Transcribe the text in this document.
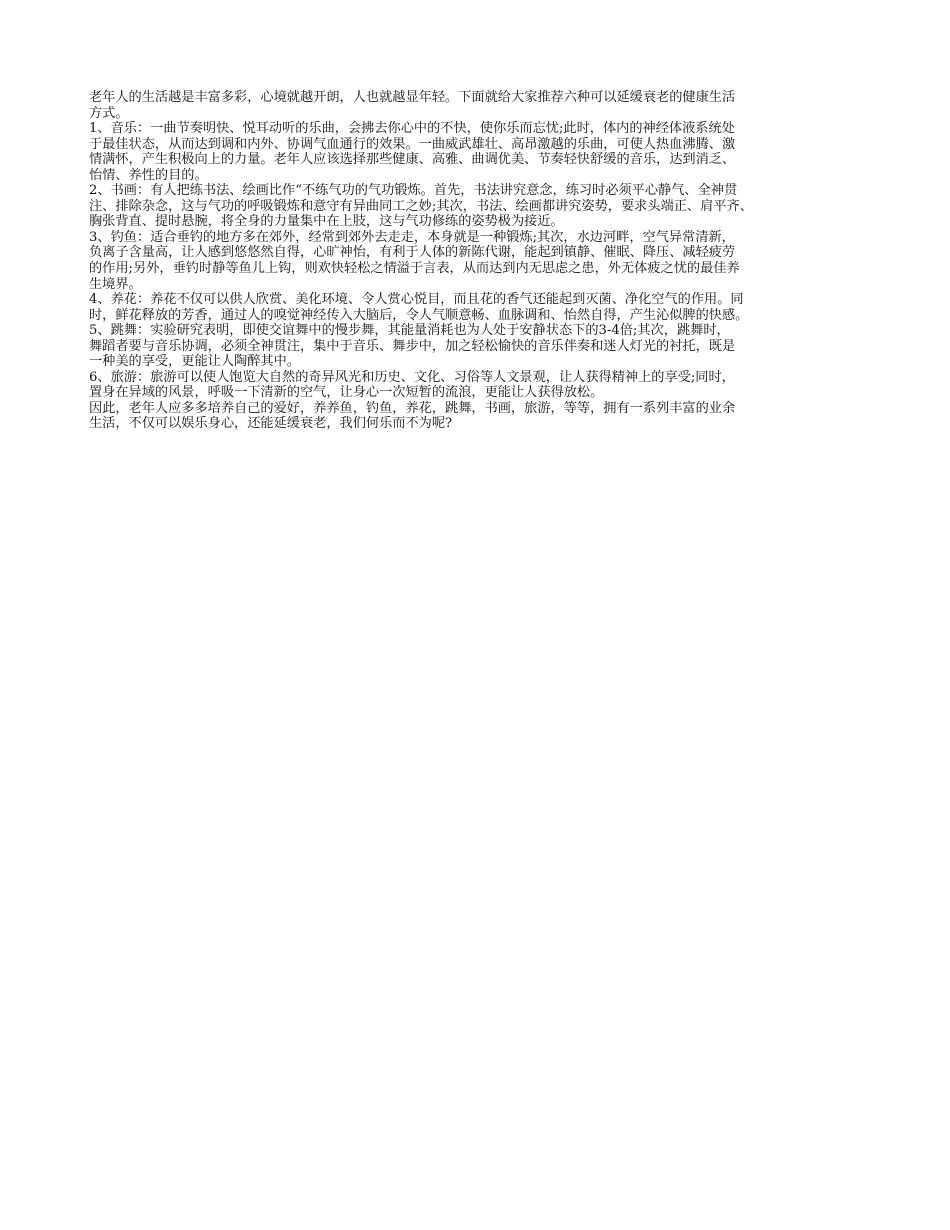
老年人的生活越是丰富多彩，心境就越开朗，人也就越显年轻。下面就给大家推荐六种可以延缓衰老的健康生活
方式。
1、音乐：一曲节奏明快、悦耳动听的乐曲，会拂去你心中的不快，使你乐而忘忧;此时，体内的神经体液系统处
于最佳状态，从而达到调和内外、协调气血通行的效果。一曲威武雄壮、高昂激越的乐曲，可使人热血沸腾、激
情满怀，产生积极向上的力量。老年人应该选择那些健康、高雅、曲调优美、节奏轻快舒缓的音乐，达到消乏、
怡情、养性的目的。
2、书画：有人把练书法、绘画比作“不练气功的气功锻炼。首先，书法讲究意念，练习时必须平心静气、全神贯
注、排除杂念，这与气功的呼吸锻炼和意守有异曲同工之妙;其次，书法、绘画都讲究姿势，要求头端正、肩平齐、
胸张背直、提时悬腕，将全身的力量集中在上肢，这与气功修练的姿势极为接近。
3、钓鱼：适合垂钓的地方多在郊外，经常到郊外去走走，本身就是一种锻炼;其次，水边河畔，空气异常清新，
负离子含量高，让人感到悠悠然自得，心旷神怡，有利于人体的新陈代谢，能起到镇静、催眠、降压、减轻疲劳
的作用;另外，垂钓时静等鱼儿上钩，则欢快轻松之情溢于言表，从而达到内无思虑之患，外无体疲之忧的最佳养
生境界。
4、养花：养花不仅可以供人欣赏、美化环境、令人赏心悦目，而且花的香气还能起到灭菌、净化空气的作用。同
时，鲜花释放的芳香，通过人的嗅觉神经传入大脑后，令人气顺意畅、血脉调和、怡然自得，产生沁似脾的快感。
5、跳舞：实验研究表明，即使交谊舞中的慢步舞，其能量消耗也为人处于安静状态下的3-4倍;其次，跳舞时，
舞蹈者要与音乐协调，必须全神贯注，集中于音乐、舞步中，加之轻松愉快的音乐伴奏和迷人灯光的衬托，既是
一种美的享受，更能让人陶醉其中。
6、旅游：旅游可以使人饱览大自然的奇异风光和历史、文化、习俗等人文景观，让人获得精神上的享受;同时，
置身在异域的风景，呼吸一下清新的空气，让身心一次短暂的流浪，更能让人获得放松。
因此，老年人应多多培养自己的爱好，养养鱼，钓鱼，养花，跳舞，书画，旅游，等等，拥有一系列丰富的业余
生活，不仅可以娱乐身心，还能延缓衰老，我们何乐而不为呢?
